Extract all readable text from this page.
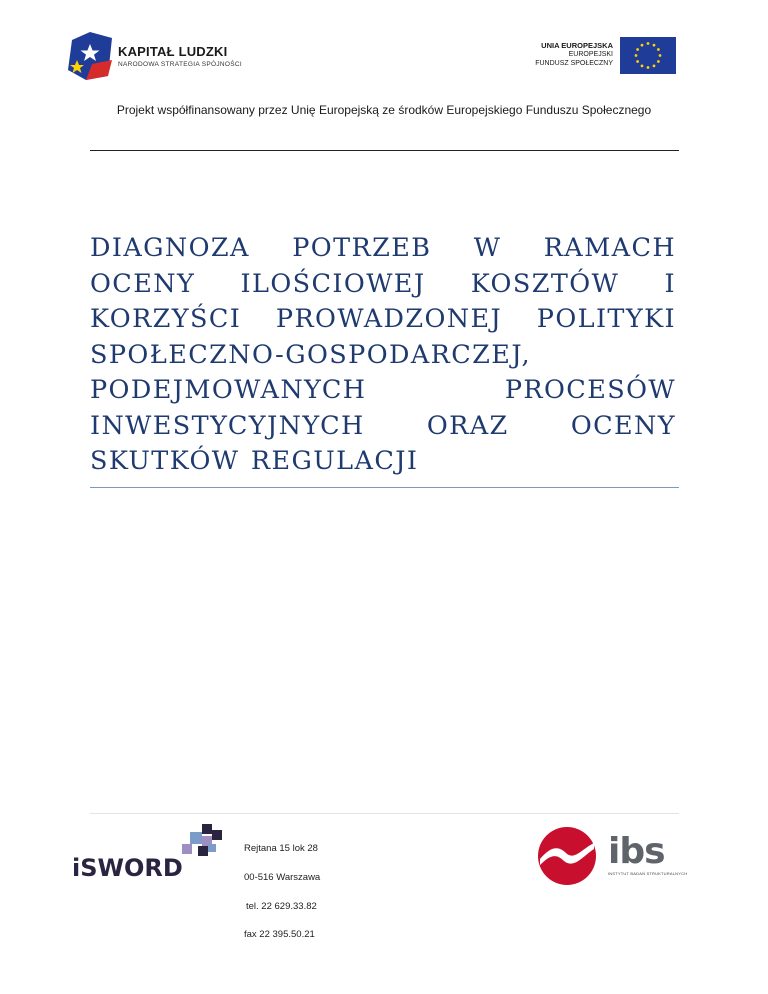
KAPITAŁ LUDZKI
NARODOWA STRATEGIA SPÓJNOŚCI
UNIA EUROPEJSKA
EUROPEJSKI
FUNDUSZ SPOŁECZNY
Projekt współfinansowany przez Unię Europejską ze środków Europejskiego Funduszu Społecznego
DIAGNOZA POTRZEB W RAMACH OCENY ILOŚCIOWEJ KOSZTÓW I KORZYŚCI PROWADZONEJ POLITYKI SPOŁECZNO-GOSPODARCZEJ, PODEJMOWANYCH PROCESÓW INWESTYCYJNYCH ORAZ OCENY SKUTKÓW REGULACJI
iSWORD
Rejtana 15 lok 28
00-516 Warszawa
tel. 22 629.33.82
fax 22 395.50.21
ibs
INSTYTUT BADAŃ STRUKTURALNYCH
